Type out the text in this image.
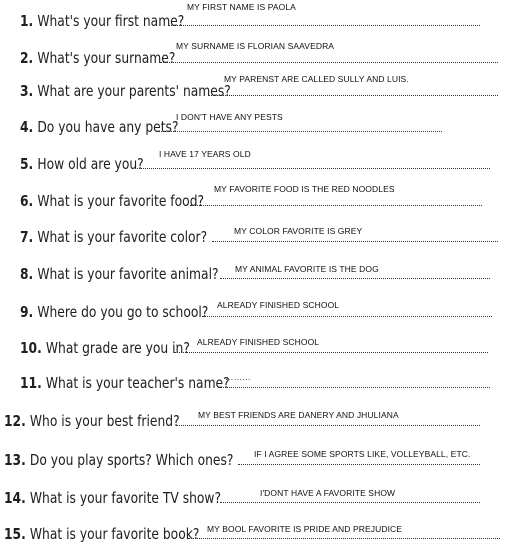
1. What's your first name?
MY FIRST NAME IS PAOLA
2. What's your surname?
MY SURNAME IS FLORIAN SAAVEDRA
3. What are your parents' names?
MY PARENST ARE CALLED SULLY AND LUIS.
4. Do you have any pets?
I DON'T HAVE ANY PESTS
5. How old are you?
I HAVE 17 YEARS OLD
6. What is your favorite food?
MY FAVORITE FOOD IS THE RED NOODLES
7. What is your favorite color?	MY COLOR FAVORITE IS GREY
8. What is your favorite animal? MY ANIMAL FAVORITE IS THE DOG
9. Where do you go to school? ALREADY FINISHED SCHOOL
10. What grade are you in? ALREADY FINISHED SCHOOL
11. What is your teacher's name?
………
12. Who is your best friend? MY BEST FRIENDS ARE DANERY AND JHULIANA
13. Do you play sports? Which ones? IF I AGREE SOME SPORTS LIKE, VOLLEYBALL, ETC.
14. What is your favorite TV show?	I'DONT HAVE A FAVORITE SHOW
15. What is your favorite book? MY BOOL FAVORITE IS PRIDE AND PREJUDICE
